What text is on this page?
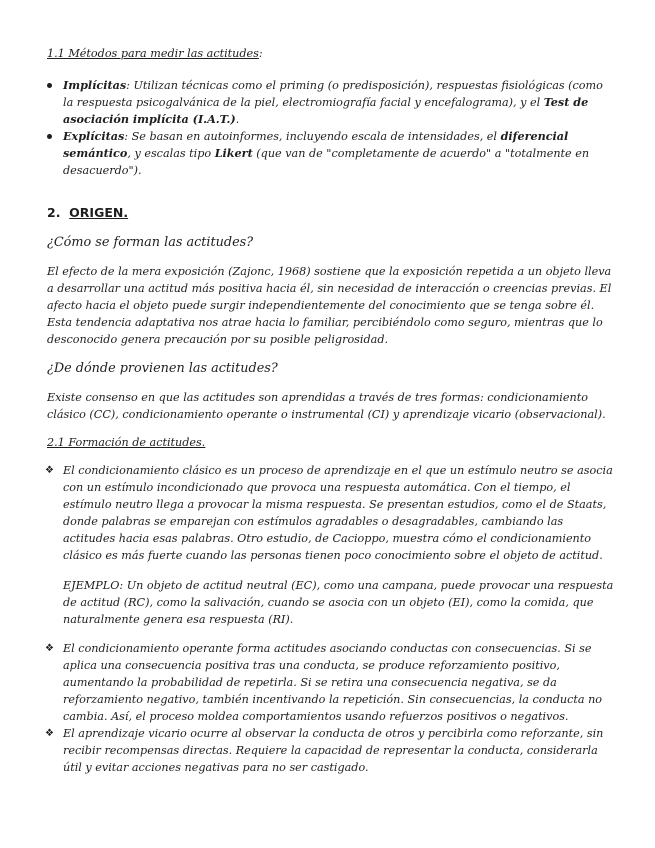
1.1 Métodos para medir las actitudes:
Implícitas: Utilizan técnicas como el priming (o predisposición), respuestas fisiológicas (como la respuesta psicogalvánica de la piel, electromiografía facial y encefalograma), y el Test de asociación implícita (I.A.T.).
Explícitas: Se basan en autoinformes, incluyendo escala de intensidades, el diferencial semántico, y escalas tipo Likert (que van de "completamente de acuerdo" a "totalmente en desacuerdo").
2. ORIGEN.
¿Cómo se forman las actitudes?

El efecto de la mera exposición (Zajonc, 1968) sostiene que la exposición repetida a un objeto lleva a desarrollar una actitud más positiva hacia él, sin necesidad de interacción o creencias previas. El afecto hacia el objeto puede surgir independientemente del conocimiento que se tenga sobre él. Esta tendencia adaptativa nos atrae hacia lo familiar, percibiéndolo como seguro, mientras que lo desconocido genera precaución por su posible peligrosidad.

¿De dónde provienen las actitudes?

Existe consenso en que las actitudes son aprendidas a través de tres formas: condicionamiento clásico (CC), condicionamiento operante o instrumental (CI) y aprendizaje vicario (observacional).

2.1 Formación de actitudes.
❖ El condicionamiento clásico es un proceso de aprendizaje en el que un estímulo neutro se asocia con un estímulo incondicionado que provoca una respuesta automática. Con el tiempo, el estímulo neutro llega a provocar la misma respuesta. Se presentan estudios, como el de Staats, donde palabras se emparejan con estímulos agradables o desagradables, cambiando las actitudes hacia esas palabras. Otro estudio, de Cacioppo, muestra cómo el condicionamiento clásico es más fuerte cuando las personas tienen poco conocimiento sobre el objeto de actitud.

EJEMPLO: Un objeto de actitud neutral (EC), como una campana, puede provocar una respuesta de actitud (RC), como la salivación, cuando se asocia con un objeto (EI), como la comida, que naturalmente genera esa respuesta (RI).

❖ El condicionamiento operante forma actitudes asociando conductas con consecuencias. Si se aplica una consecuencia positiva tras una conducta, se produce reforzamiento positivo, aumentando la probabilidad de repetirla. Si se retira una consecuencia negativa, se da reforzamiento negativo, también incentivando la repetición. Sin consecuencias, la conducta no cambia. Así, el proceso moldea comportamientos usando refuerzos positivos o negativos.
❖ El aprendizaje vicario ocurre al observar la conducta de otros y percibirla como reforzante, sin recibir recompensas directas. Requiere la capacidad de representar la conducta, considerarla útil y evitar acciones negativas para no ser castigado.
